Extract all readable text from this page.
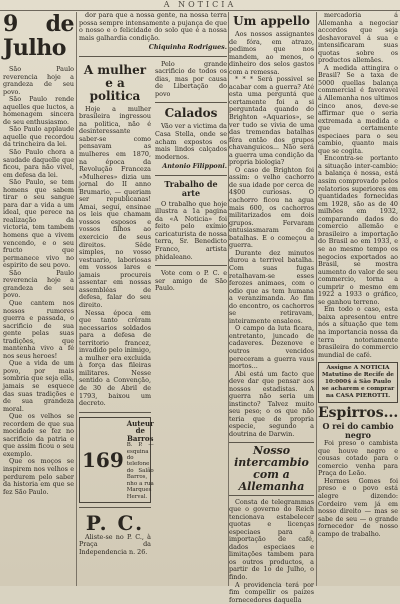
A NOTICIA
9 de Julho

São Paulo reverencia hoje a grandeza de seu povo.

São Paulo rende aquelles que luctos, a homenagem sincera de seu enthusiasmo.

São Paulo applaude aquelle que recordou da trincheira da lei.

São Paulo chora a saudade daquelle que ficou, para não vivel, em defesa da lei.

São Paulo, se tem homens que sabem tirar o seu sangue para dar a vida a um ideal, que perece na realização da victoria, tem tambem homens que a vivem vencendo, e o seu fructo que permanece vivo no espirito de seu povo.

São Paulo reverencia hoje a grandeza de seu povo.

Que cantem nos nossos rumores guerra e passada, o sacrificio de sua gente pelas suas tradições, que mantenha vivo a fé nos seus heroes!

Que a vida de um povo, por mais sombria que seja ella, jamais se esquece das suas tradições e de sua grandeza moral.

Que os velhos se recordem de que sua mocidade se fez no sacrificio da patria e que assim ficou o seu exemplo.

Que os moços se inspirem nos velhos e perdurem pelo saber da historia em que se fez São Paulo.

dor para que a nossa gente, na nossa terra possa sempre intensamente a pujança de que o nosso e o felicidade do solo que é a nossa mais galhardia condição.

Chiquinha Rodrigues.
A mulher e a politica

Hoje a mulher brasileira ingressou na politica, não é desinteressante saber-se como pensavam as mulheres em 1870, na época da Revolução Franceza «Mulheres» dizia um jornal do II anno Brumario, — queriam ser republicanas! Amai, seguí, ensinae os leis que chamam vossos esposos e vossos filhos ao exercicio de seus direitos. Sêde simples, no vosso vestuario, laboriosas em vossos lares e jamais procureis assentar em nossas assembléas de defesa, falar do seu direito.

Nessa época em que tanto crêram necessarios soldados para a defesa de territorio francez, invadido pelo inimigo, a mulher era excluida à força das fileiras militares. Nesse sentido a Convenção, de 30 de Abril de 1793, baixou um decreto.

169
Auteur de Barros
B. P. — esquina do telefone do Salão Barros, nho a rua Marques Herval.
P. C.

Aliste-se no P. C., à Praça da Independencia n. 26.

Pelo grande sacrificio de todos os dias, mas por causa de Libertação do povo

Calados

Vão ver a victima da Casa Stella, onde se acham expostos os mais lindos calçados modernos.

Antonio Filipponi.
Trabalho de arte

O trabalho que hoje illustra a 1a pagina da «A Noticia» foi feito pelo exímio caricaturista de nossa terra, Sr. Benedicto Franco, artista phidaleano.

Vote com o P. C. e ser amigo de São Paulo.

Um appello

Aos nossos assignantes de fóra, em atrazo, pedimos que nos mandem, ao menos, o dinheiro dos selos gastos com a remessa.

* * * Será possivel se acabar com a guerra? Até esta uma perguntá que certamente foi a si perguntada quando do Brighton «Aquarios», se ver tudo se vivia de uma das tremendas batalhas fêra então dos grupos chavanguicos... Não será a guerra uma condição da propria biologia?

O caso de Brighton foi assim: o velho cachorro de sua idade por cerca de 4$00 curiosas. O cachorro ficou na agua mais 600, os cachorros militarizados em dois grupos. Fervaram entusiasmaram de batalhas. E o começou a guerra.

Durante dez minutos durou a terrivel batalha. Com suas fugas retalhavam-se esses ferozes animaes, com o odio que as tem humana a veranzimanda. Ao fim do encontro, os cachorros se retiravam, inteiramente ensaleos.

O campo da luta ficara, entretanto, juncado de cadaveres. Dezenove e outros vencidos pereceram a guerra vaus mortos...

Abi está um facto que deve dar que pensar aos nossos estadistas. A guerra não seria um instincto? Talvez muito seu peso; o os que não teria que de propria especie, segundo a doutrina de Darwin.

Nosso intercambio com a Allemanha

Consta de telegrammas que o governo do Reich tencionava estabelecer quotas e licenças especiaes para a importação de café, dados especiaes e limitações tambem para os outros productos, a partir de 1o de Julho, o findo.

A providencia terá por fim compellir os paizes fornecedores daquella

mercadoria á Allemanha a negociar accordos que seja deshavoravel á sua e intensificaram suas quotas sobre os productos allemães.

A medida attingira o Brasil? Se a taxa de 5000 quellas balança commercial é favoravel á Allemanha nos ultimos cinco anos, deve-se affirmar que o seria extremada a medida e que certamente especiaes para o seu cambio, quanto mais que se cogita.

Encontra-se portanto a situação inter-cambio: a balança é nossa, está assim comprovado pelos relatorios superiores em quantidades fornecidas em 1928, são as de 40 milhões em 1932, comparando dados do comercio allemão e brasileiro a importação do Brasil ao em 1933, e se ao mesmo tempo os negocios exportados ao Brasil, se mostra aumento do valor de seu commercio, torna a cumprir o mesmo em 1922 a 1933 o gráfico, se ganhou terreno.

Em todo o caso, esta baixa apresentou entre nós a situação que tem na importancia nossa da terra notoriamente brasileira do commercio mundial de café.

Assigne A NOTICIA Matutino de Recife de 10:000$ á São Paulo se acharem e comprar na CASA PIEROTTI.
Espirros...
O rei do cambio negro

Foi preso o cambista que houve negro e cousas cotado para o comercio venha para Praça do Leão.

Hermes Gomes foi preso e o povo está alegre dizendo: Cordeiro vem já em nosso direito — mas se sabe de seu — o grande fornecedor de nosso campo de trabalho.
